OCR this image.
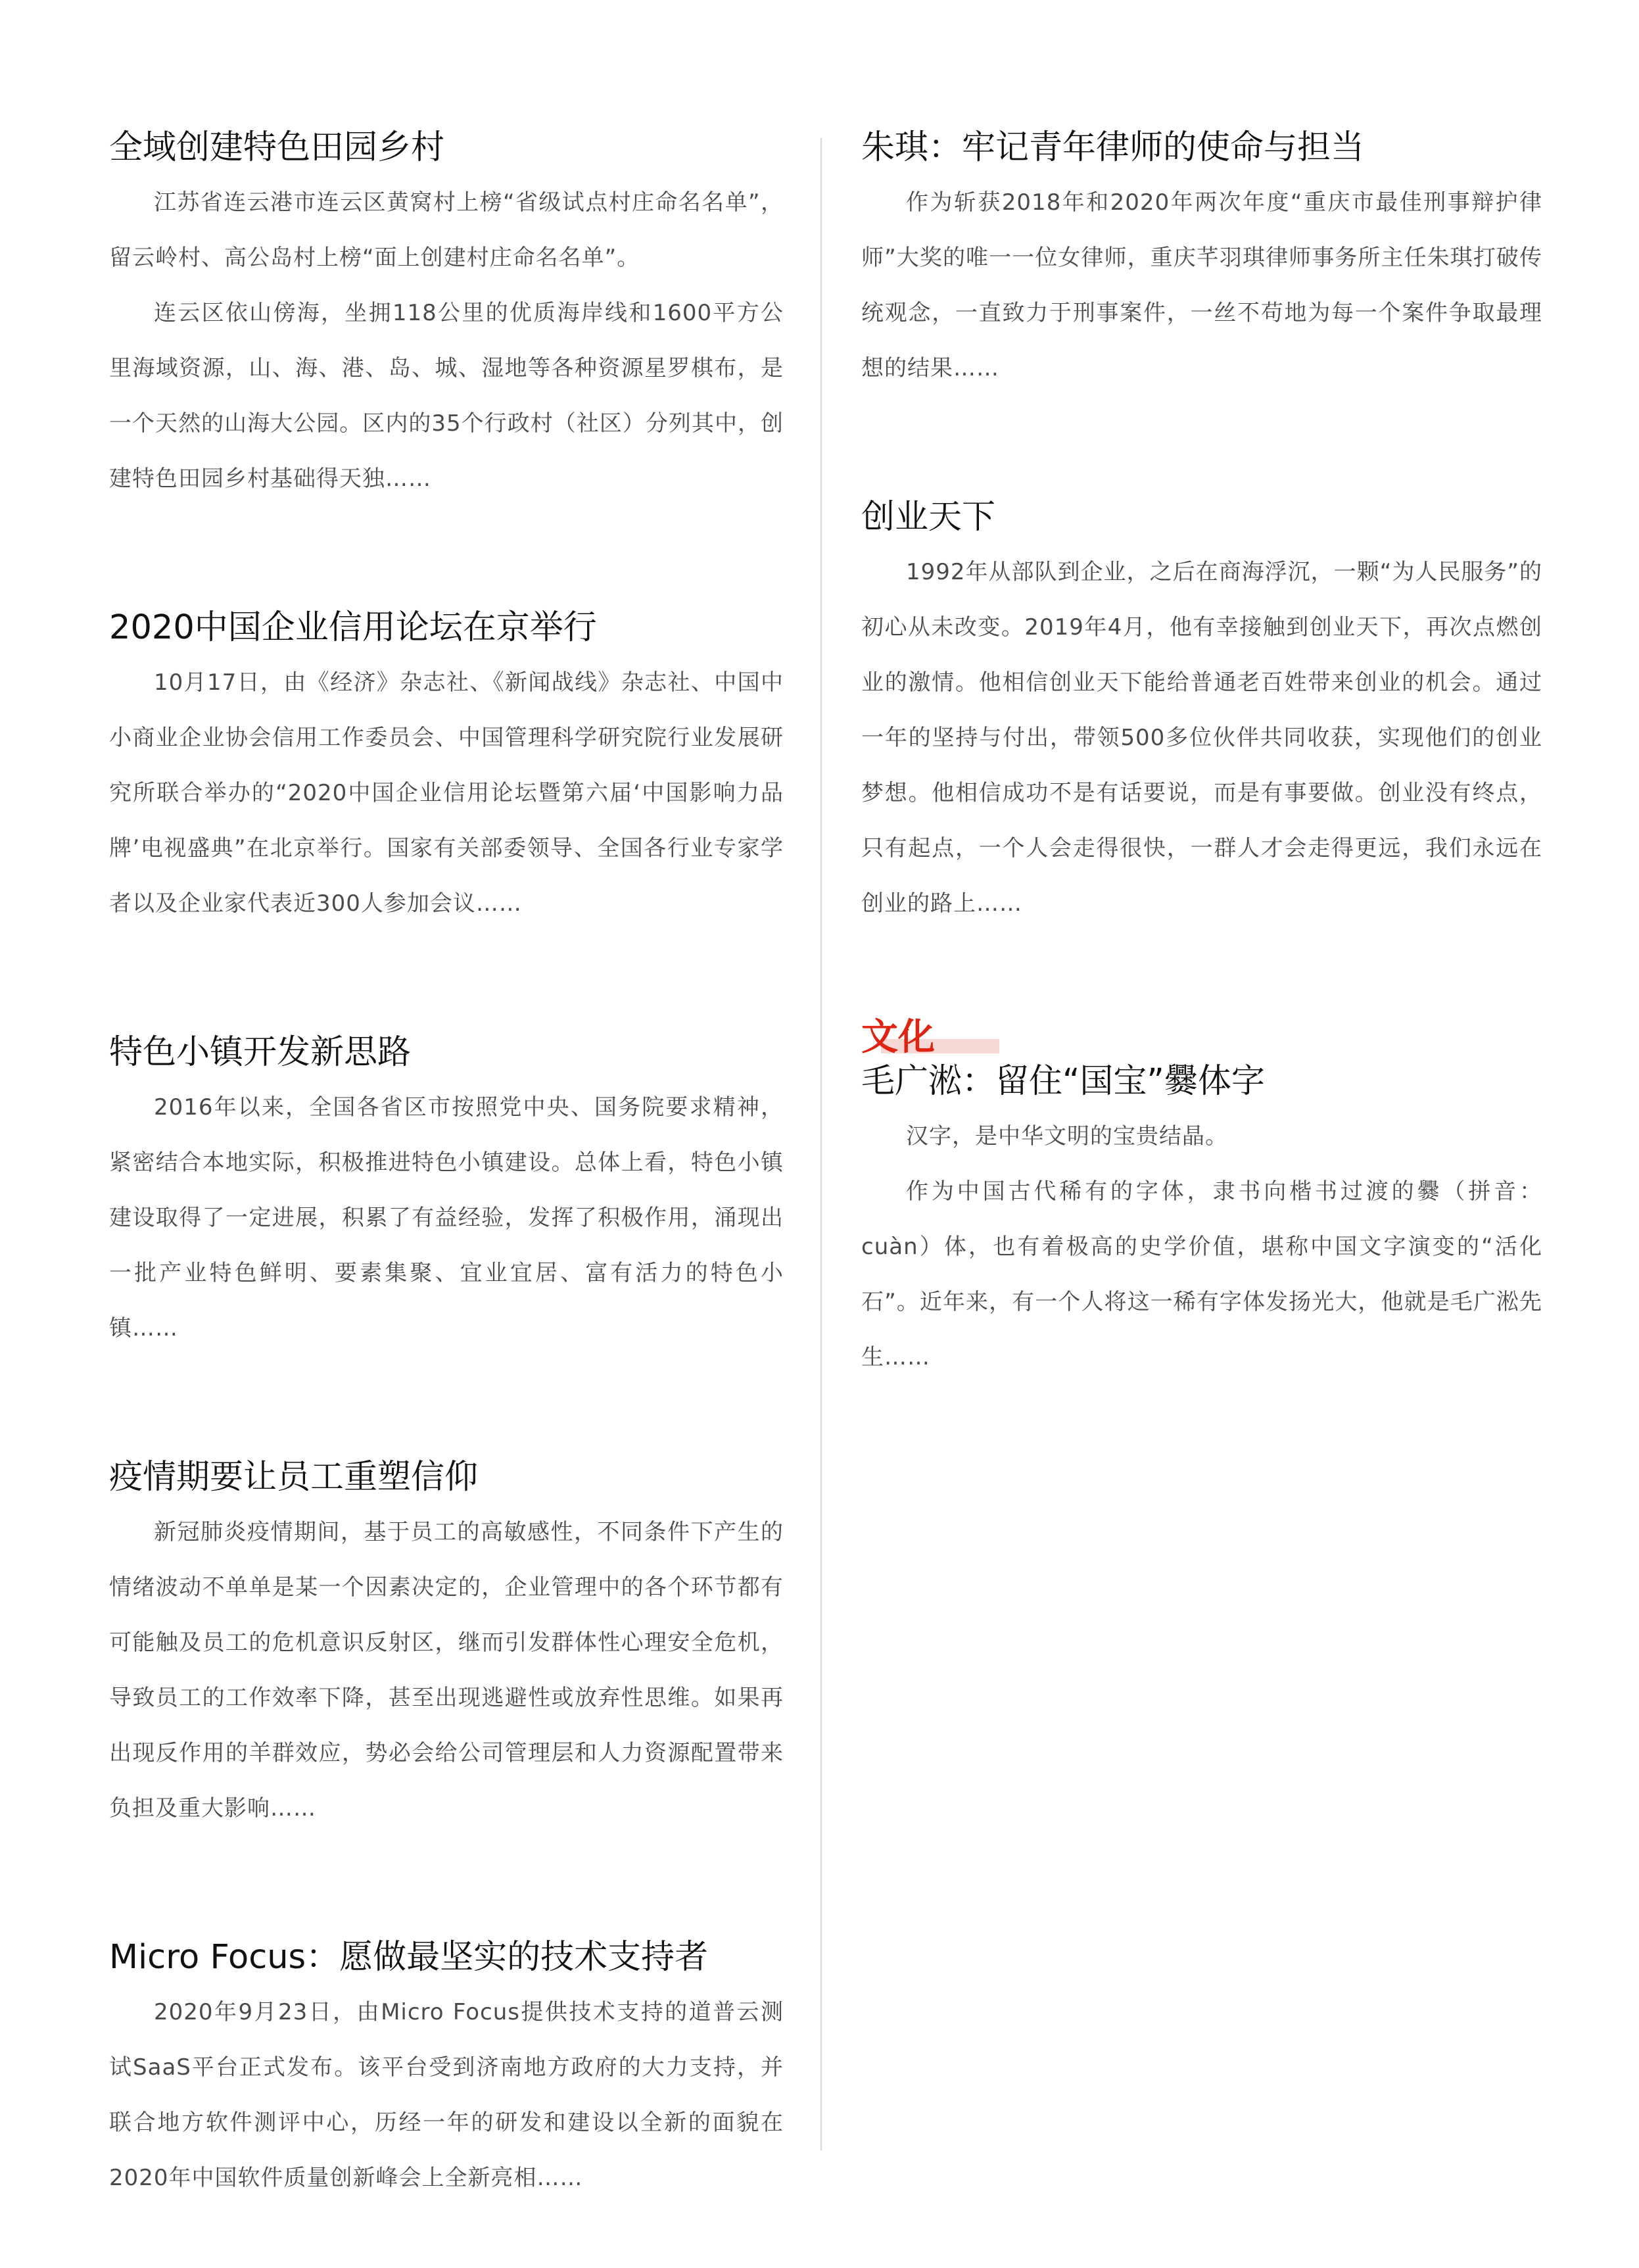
全域创建特色田园乡村

江苏省连云港市连云区黄窝村上榜“省级试点村庄命名名单”，留云岭村、高公岛村上榜“面上创建村庄命名名单”。

连云区依山傍海，坐拥118公里的优质海岸线和1600平方公里海域资源，山、海、港、岛、城、湿地等各种资源星罗棋布，是一个天然的山海大公园。区内的35个行政村（社区）分列其中，创建特色田园乡村基础得天独……

2020中国企业信用论坛在京举行

10月17日，由《经济》杂志社、《新闻战线》杂志社、中国中小商业企业协会信用工作委员会、中国管理科学研究院行业发展研究所联合举办的“2020中国企业信用论坛暨第六届‘中国影响力品牌’电视盛典”在北京举行。国家有关部委领导、全国各行业专家学者以及企业家代表近300人参加会议……

特色小镇开发新思路

2016年以来，全国各省区市按照党中央、国务院要求精神，紧密结合本地实际，积极推进特色小镇建设。总体上看，特色小镇建设取得了一定进展，积累了有益经验，发挥了积极作用，涌现出一批产业特色鲜明、要素集聚、宜业宜居、富有活力的特色小镇……

疫情期要让员工重塑信仰

新冠肺炎疫情期间，基于员工的高敏感性，不同条件下产生的情绪波动不单单是某一个因素决定的，企业管理中的各个环节都有可能触及员工的危机意识反射区，继而引发群体性心理安全危机，导致员工的工作效率下降，甚至出现逃避性或放弃性思维。如果再出现反作用的羊群效应，势必会给公司管理层和人力资源配置带来负担及重大影响……

Micro Focus：愿做最坚实的技术支持者

2020年9月23日，由Micro Focus提供技术支持的道普云测试SaaS平台正式发布。该平台受到济南地方政府的大力支持，并联合地方软件测评中心，历经一年的研发和建设以全新的面貌在2020年中国软件质量创新峰会上全新亮相……

朱琪：牢记青年律师的使命与担当

作为斩获2018年和2020年两次年度“重庆市最佳刑事辩护律师”大奖的唯一一位女律师，重庆芊羽琪律师事务所主任朱琪打破传统观念，一直致力于刑事案件，一丝不苟地为每一个案件争取最理想的结果……

创业天下

1992年从部队到企业，之后在商海浮沉，一颗“为人民服务”的初心从未改变。2019年4月，他有幸接触到创业天下，再次点燃创业的激情。他相信创业天下能给普通老百姓带来创业的机会。通过一年的坚持与付出，带领500多位伙伴共同收获，实现他们的创业梦想。他相信成功不是有话要说，而是有事要做。创业没有终点，只有起点，一个人会走得很快，一群人才会走得更远，我们永远在创业的路上……

文化
毛广淞：留住“国宝”爨体字

汉字，是中华文明的宝贵结晶。

作为中国古代稀有的字体，隶书向楷书过渡的爨（拼音：cuàn）体，也有着极高的史学价值，堪称中国文字演变的“活化石”。近年来，有一个人将这一稀有字体发扬光大，他就是毛广淞先生……
